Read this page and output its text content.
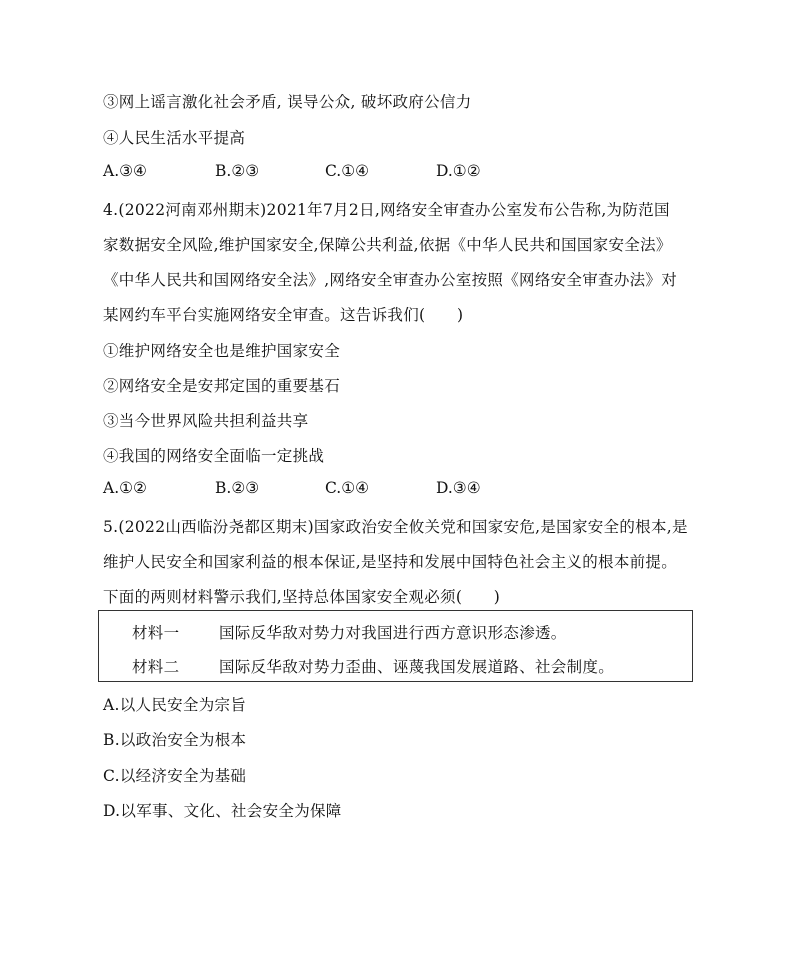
③网上谣言激化社会矛盾, 误导公众, 破坏政府公信力
④人民生活水平提高
A.③④	B.②③	C.①④	D.①②
4.(2022河南邓州期末)2021年7月2日,网络安全审查办公室发布公告称,为防范国
家数据安全风险,维护国家安全,保障公共利益,依据《中华人民共和国国家安全法》
《中华人民共和国网络安全法》,网络安全审查办公室按照《网络安全审查办法》对
某网约车平台实施网络安全审查。这告诉我们(　　)
①维护网络安全也是维护国家安全
②网络安全是安邦定国的重要基石
③当今世界风险共担利益共享
④我国的网络安全面临一定挑战
A.①②	B.②③	C.①④	D.③④
5.(2022山西临汾尧都区期末)国家政治安全攸关党和国家安危,是国家安全的根本,是
维护人民安全和国家利益的根本保证,是坚持和发展中国特色社会主义的根本前提。
下面的两则材料警示我们,坚持总体国家安全观必须(　　)
材料一	国际反华敌对势力对我国进行西方意识形态渗透。
材料二	国际反华敌对势力歪曲、诬蔑我国发展道路、社会制度。
A.以人民安全为宗旨
B.以政治安全为根本
C.以经济安全为基础
D.以军事、文化、社会安全为保障
